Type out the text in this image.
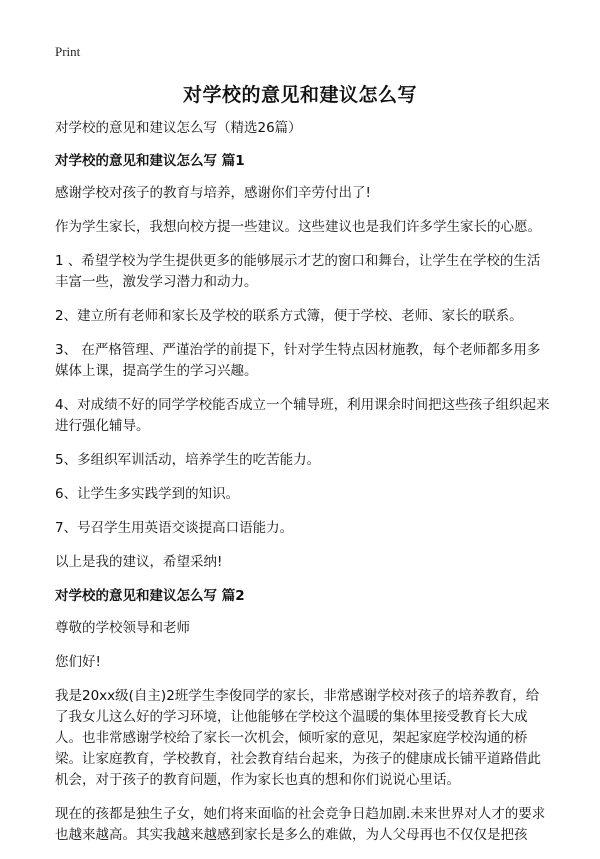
Print
对学校的意见和建议怎么写

对学校的意见和建议怎么写（精选26篇）

对学校的意见和建议怎么写 篇1

感谢学校对孩子的教育与培养，感谢你们辛劳付出了!

作为学生家长，我想向校方提一些建议。这些建议也是我们许多学生家长的心愿。

1 、希望学校为学生提供更多的能够展示才艺的窗口和舞台，让学生在学校的生活丰富一些，激发学习潜力和动力。

2、建立所有老师和家长及学校的联系方式簿，便于学校、老师、家长的联系。

3、 在严格管理、严谨治学的前提下，针对学生特点因材施教，每个老师都多用多媒体上课，提高学生的学习兴趣。

4、对成绩不好的同学学校能否成立一个辅导班，利用课余时间把这些孩子组织起来进行强化辅导。

5、多组织军训活动，培养学生的吃苦能力。

6、让学生多实践学到的知识。

7、号召学生用英语交谈提高口语能力。

以上是我的建议，希望采纳!

对学校的意见和建议怎么写 篇2

尊敬的学校领导和老师

您们好!

我是20xx级(自主)2班学生李俊同学的家长，非常感谢学校对孩子的培养教育，给了我女儿这么好的学习环境，让他能够在学校这个温暖的集体里接受教育长大成人。也非常感谢学校给了家长一次机会，倾听家的意见，架起家庭学校沟通的桥梁。让家庭教育，学校教育，社会教育结台起来，为孩子的健康成长铺平道路借此机会，对于孩子的教育问题，作为家长也真的想和你们说说心里话。

现在的孩都是独生子女，她们将来面临的社会竞争日趋加剧.未来世界对人才的要求也越来越高。其实我越来越感到家长是多么的难做，为人父母再也不仅仅是把孩
